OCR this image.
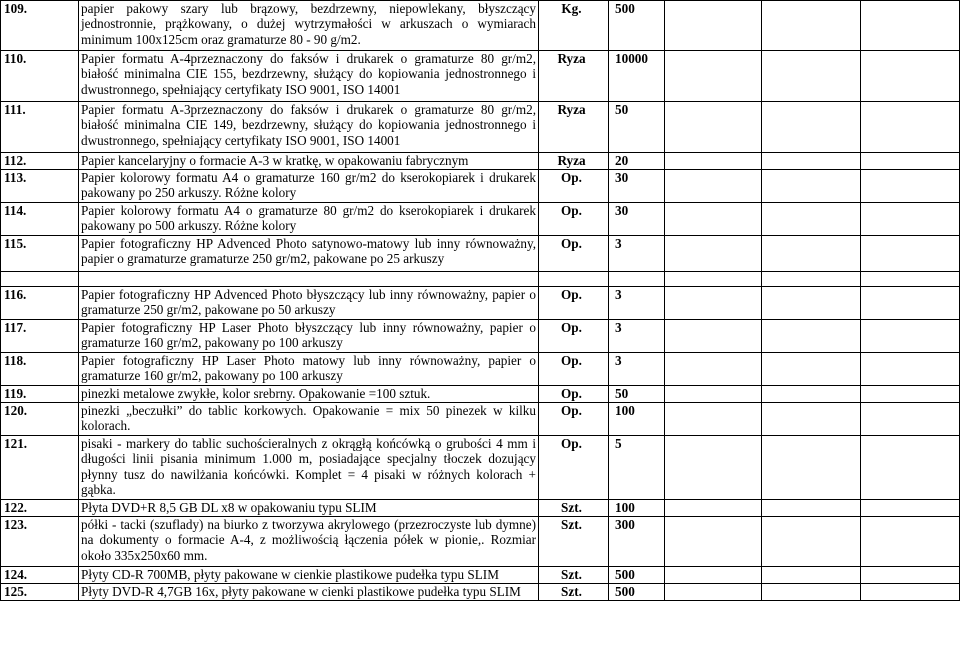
109.	papier pakowy szary lub brązowy, bezdrzewny, niepowlekany, błyszczący jednostronnie, prążkowany, o dużej wytrzymałości w arkuszach o wymiarach minimum 100x125cm oraz gramaturze 80 - 90 g/m2.	Kg.	500			
110.	Papier formatu A-4przeznaczony do faksów i drukarek o gramaturze 80 gr/m2, białość minimalna CIE 155, bezdrzewny, służący do kopiowania jednostronnego i dwustronnego, spełniający certyfikaty ISO 9001, ISO 14001	Ryza	10000			
111.	Papier formatu A-3przeznaczony do faksów i drukarek o gramaturze 80 gr/m2, białość minimalna CIE 149, bezdrzewny, służący do kopiowania jednostronnego i dwustronnego, spełniający certyfikaty ISO 9001, ISO 14001	Ryza	50			
112.	Papier kancelaryjny o formacie A-3 w kratkę, w opakowaniu fabrycznym	Ryza	20			
113.	Papier kolorowy formatu A4 o gramaturze 160 gr/m2 do kserokopiarek i drukarek pakowany po 250 arkuszy. Różne kolory	Op.	30			
114.	Papier kolorowy formatu A4 o gramaturze 80 gr/m2 do kserokopiarek i drukarek pakowany po 500 arkuszy. Różne kolory	Op.	30			
115.	Papier fotograficzny HP Advenced Photo satynowo-matowy lub inny równoważny, papier o gramaturze gramaturze 250 gr/m2, pakowane po 25 arkuszy	Op.	3			

116.	Papier fotograficzny HP Advenced Photo błyszczący lub inny równoważny, papier o gramaturze 250 gr/m2, pakowane po 50 arkuszy	Op.	3			
117.	Papier fotograficzny HP Laser Photo błyszczący lub inny równoważny, papier o gramaturze 160 gr/m2, pakowany po 100 arkuszy	Op.	3			
118.	Papier fotograficzny HP Laser Photo matowy lub inny równoważny, papier o gramaturze 160 gr/m2, pakowany po 100 arkuszy	Op.	3			
119.	pinezki metalowe zwykłe, kolor srebrny. Opakowanie =100 sztuk.	Op.	50			
120.	pinezki „beczułki” do tablic korkowych. Opakowanie = mix 50 pinezek w kilku kolorach.	Op.	100			
121.	pisaki - markery do tablic suchościeralnych z okrągłą końcówką o grubości 4 mm i długości linii pisania minimum 1.000 m, posiadające specjalny tłoczek dozujący płynny tusz do nawilżania końcówki. Komplet = 4 pisaki w różnych kolorach + gąbka.	Op.	5			
122.	Płyta DVD+R 8,5 GB DL x8 w opakowaniu typu SLIM	Szt.	100			
123.	półki - tacki (szuflady) na biurko z tworzywa akrylowego (przezroczyste lub dymne) na dokumenty o formacie A-4, z możliwością łączenia półek w pionie,. Rozmiar około 335x250x60 mm.	Szt.	300			
124.	Płyty CD-R 700MB, płyty pakowane w cienkie plastikowe pudełka typu SLIM	Szt.	500			
125.	Płyty DVD-R 4,7GB 16x, płyty pakowane w cienki plastikowe pudełka typu SLIM	Szt.	500			
